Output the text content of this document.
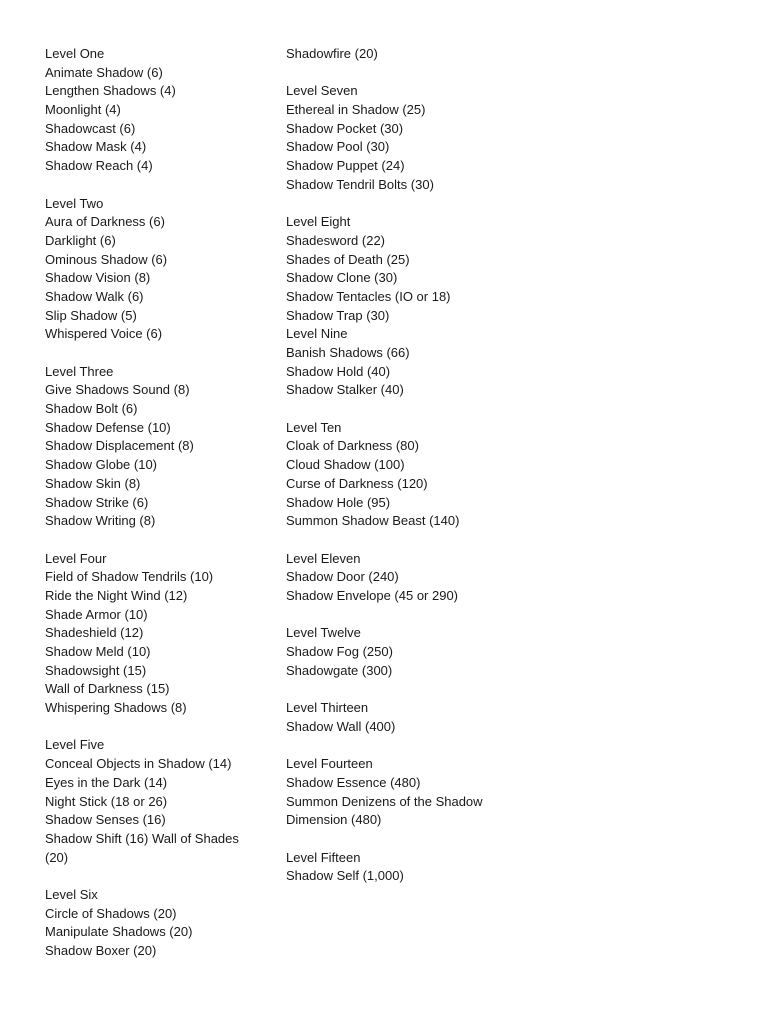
Level One
Animate Shadow (6)
Lengthen Shadows (4)
Moonlight (4)
Shadowcast (6)
Shadow Mask (4)
Shadow Reach (4)
Level Two
Aura of Darkness (6)
Darklight (6)
Ominous Shadow (6)
Shadow Vision (8)
Shadow Walk (6)
Slip Shadow (5)
Whispered Voice (6)
Level Three
Give Shadows Sound (8)
Shadow Bolt (6)
Shadow Defense (10)
Shadow Displacement (8)
Shadow Globe (10)
Shadow Skin (8)
Shadow Strike (6)
Shadow Writing (8)
Level Four
Field of Shadow Tendrils (10)
Ride the Night Wind (12)
Shade Armor (10)
Shadeshield (12)
Shadow Meld (10)
Shadowsight (15)
Wall of Darkness (15)
Whispering Shadows (8)
Level Five
Conceal Objects in Shadow (14)
Eyes in the Dark (14)
Night Stick (18 or 26)
Shadow Senses (16)
Shadow Shift (16) Wall of Shades
(20)
Level Six
Circle of Shadows (20)
Manipulate Shadows (20)
Shadow Boxer (20)
Shadowfire (20)
Level Seven
Ethereal in Shadow (25)
Shadow Pocket (30)
Shadow Pool (30)
Shadow Puppet (24)
Shadow Tendril Bolts (30)
Level Eight
Shadesword (22)
Shades of Death (25)
Shadow Clone (30)
Shadow Tentacles (IO or 18)
Shadow Trap (30)
Level Nine
Banish Shadows (66)
Shadow Hold (40)
Shadow Stalker (40)
Level Ten
Cloak of Darkness (80)
Cloud Shadow (100)
Curse of Darkness (120)
Shadow Hole (95)
Summon Shadow Beast (140)
Level Eleven
Shadow Door (240)
Shadow Envelope (45 or 290)
Level Twelve
Shadow Fog (250)
Shadowgate (300)
Level Thirteen
Shadow Wall (400)
Level Fourteen
Shadow Essence (480)
Summon Denizens of the Shadow
Dimension (480)
Level Fifteen
Shadow Self (1,000)
